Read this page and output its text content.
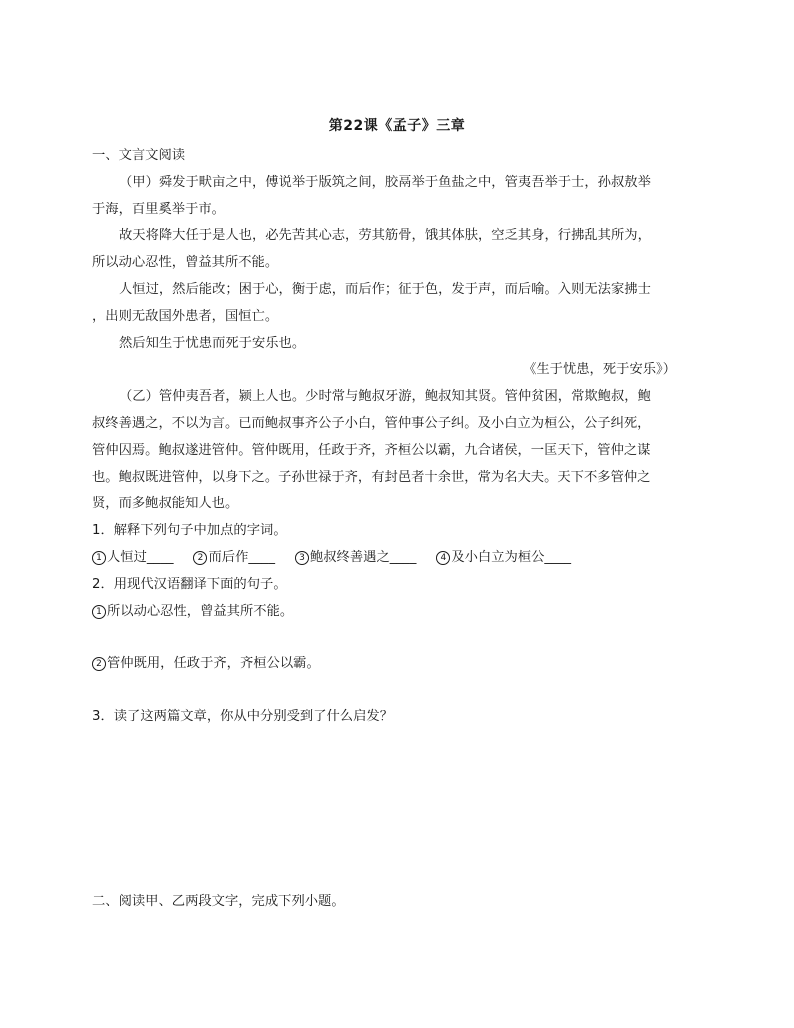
第22课《孟子》三章

一、文言文阅读

（甲）舜发于畎亩之中，傅说举于版筑之间，胶鬲举于鱼盐之中，管夷吾举于士，孙叔敖举

于海，百里奚举于市。

故天将降大任于是人也，必先苦其心志，劳其筋骨，饿其体肤，空乏其身，行拂乱其所为，

所以动心忍性，曾益其所不能。

人恒过，然后能改；困于心，衡于虑，而后作；征于色，发于声，而后喻。入则无法家拂士

，出则无敌国外患者，国恒亡。

然后知生于忧患而死于安乐也。

《生于忧患，死于安乐》）

（乙）管仲夷吾者，颍上人也。少时常与鲍叔牙游，鲍叔知其贤。管仲贫困，常欺鲍叔，鲍

叔终善遇之，不以为言。已而鲍叔事齐公子小白，管仲事公子纠。及小白立为桓公，公子纠死，

管仲囚焉。鲍叔遂进管仲。管仲既用，任政于齐，齐桓公以霸，九合诸侯，一匡天下，管仲之谋

也。鲍叔既进管仲，以身下之。子孙世禄于齐，有封邑者十余世，常为名大夫。天下不多管仲之

贤，而多鲍叔能知人也。

1．解释下列句子中加点的字词。

1 人恒过____	2 而后作____	3 鲍叔终善遇之____	4 及小白立为桓公____

2．用现代汉语翻译下面的句子。

1 所以动心忍性，曾益其所不能。

2 管仲既用，任政于齐，齐桓公以霸。

3．读了这两篇文章，你从中分别受到了什么启发？

二、阅读甲、乙两段文字，完成下列小题。
